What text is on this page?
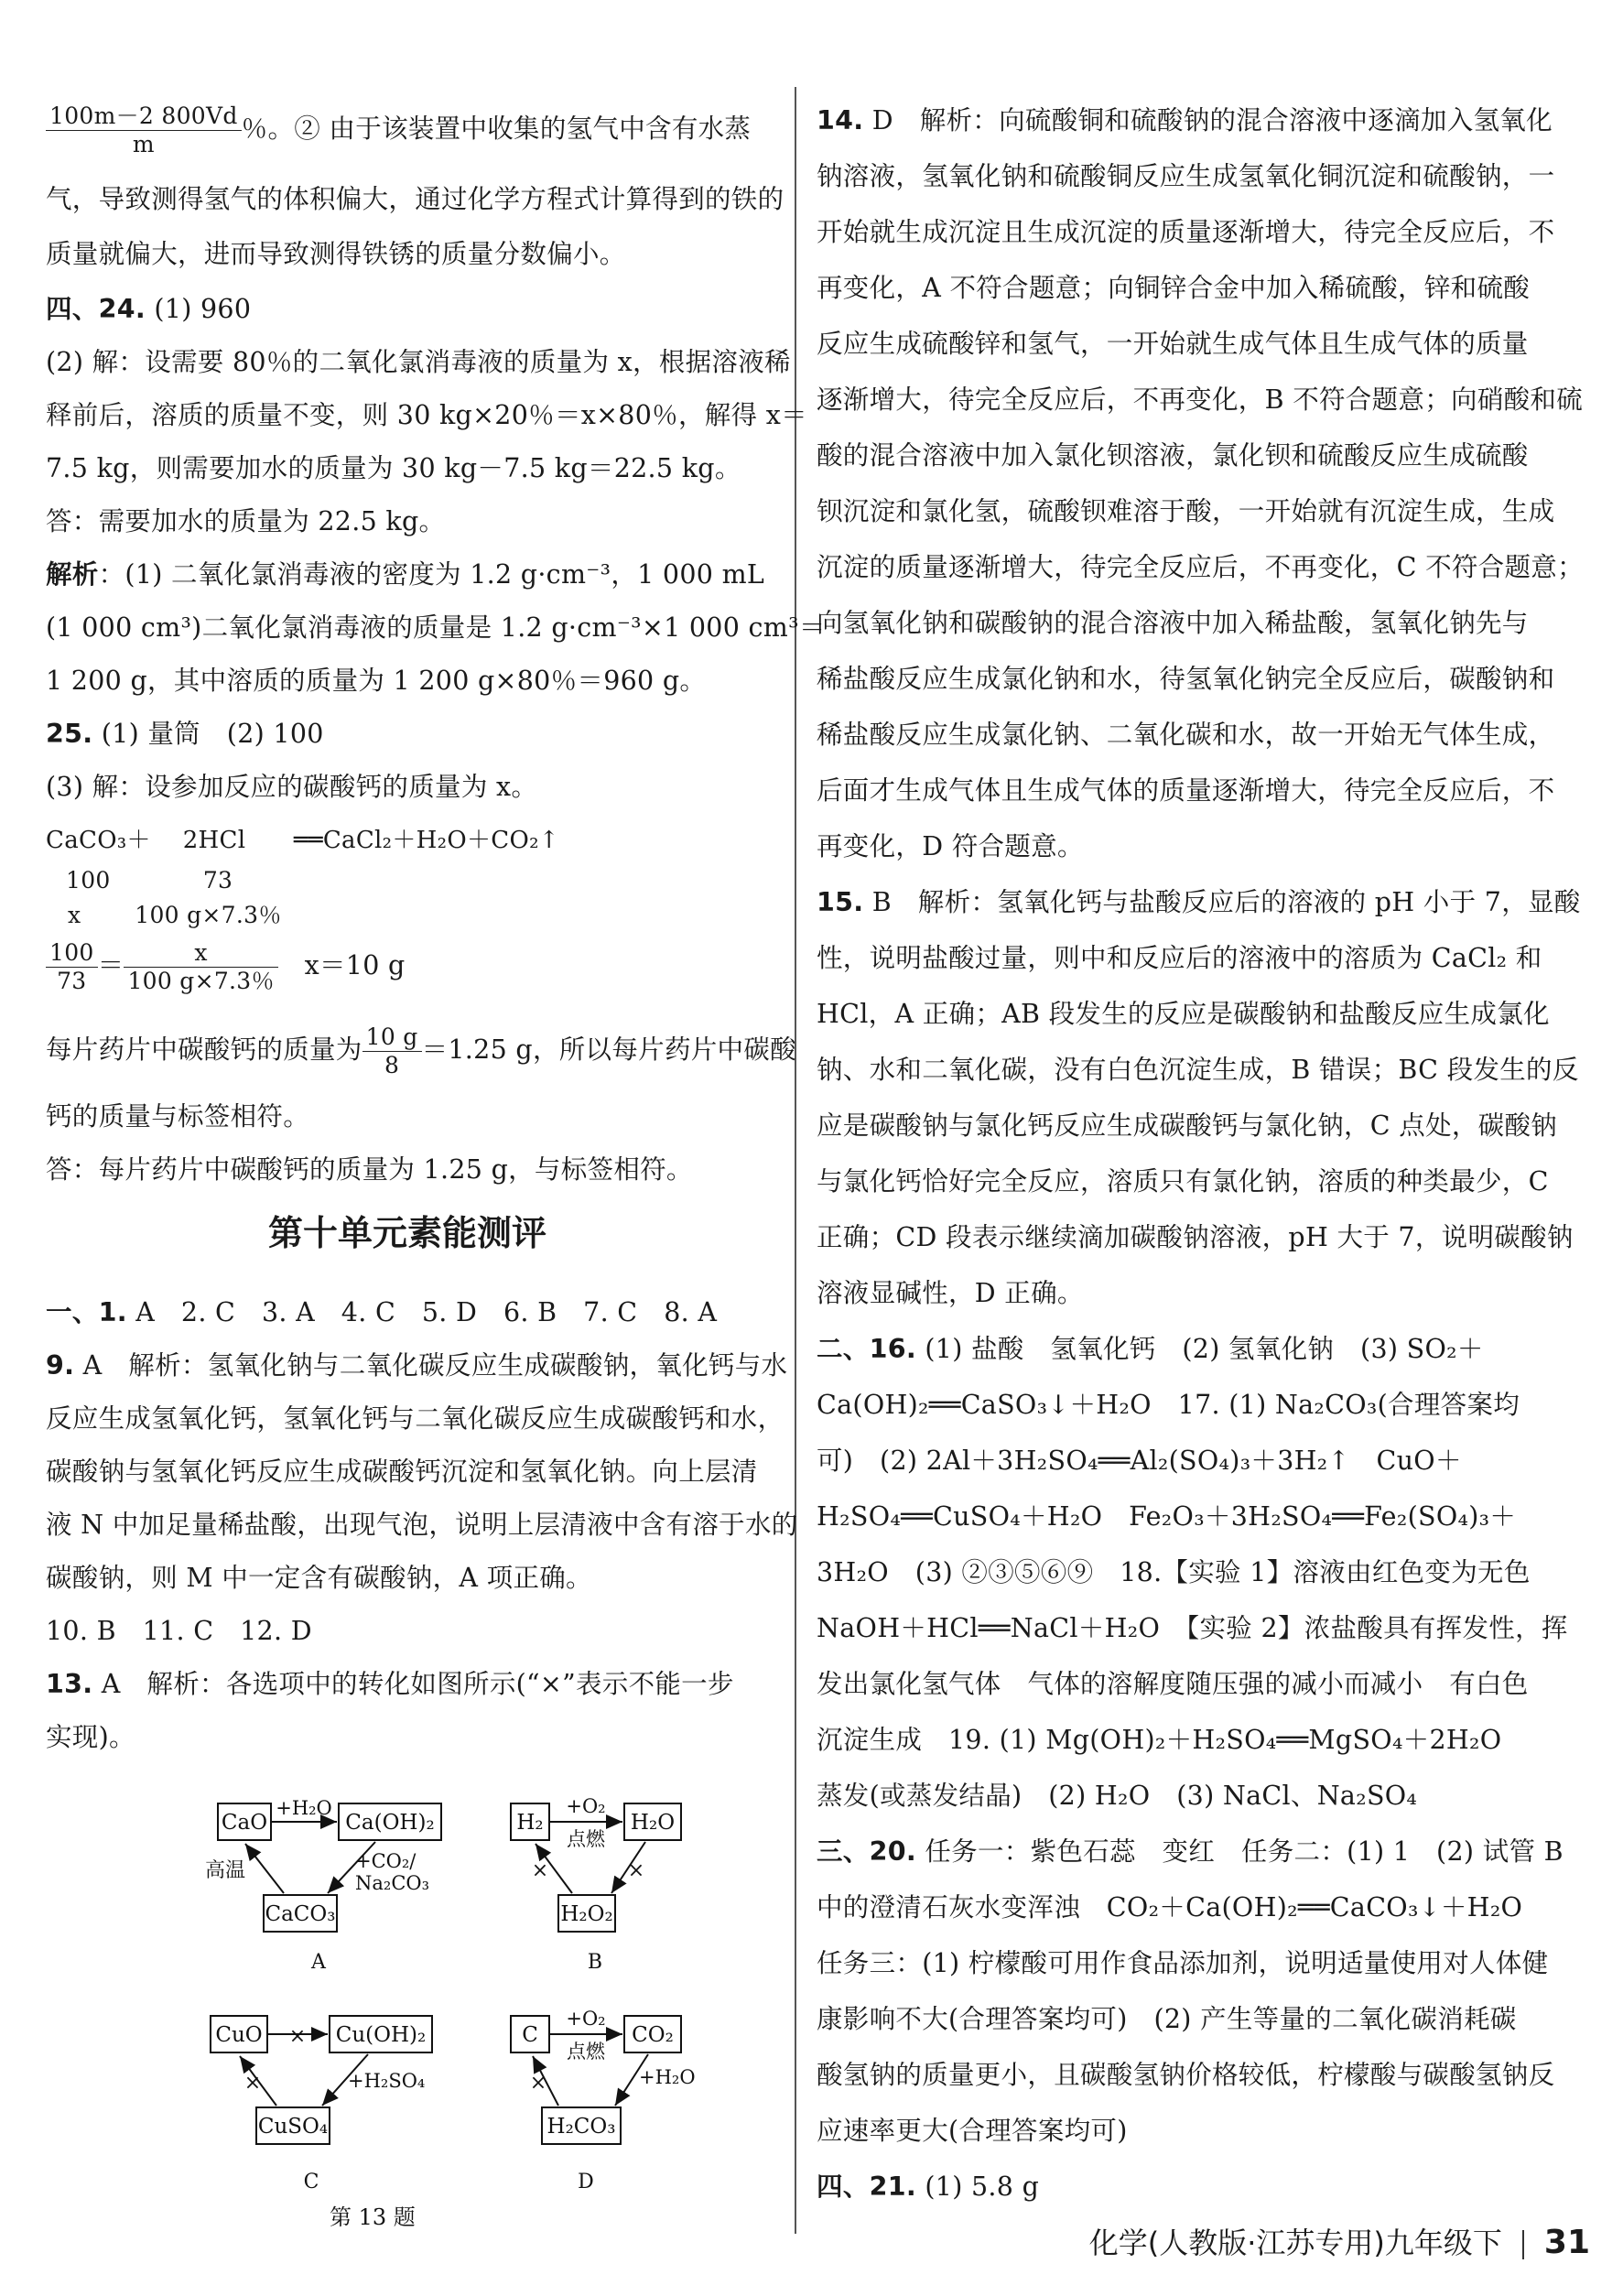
$\frac{100m-2 800Vd}{m}$ ％。② 由于该装置中收集的氢气中含有水蒸
气，导致测得氢气的体积偏大，通过化学方程式计算得到的铁的
质量就偏大，进而导致测得铁锈的质量分数偏小。
四、24. (1) 960
(2) 解：设需要 80％的二氧化氯消毒液的质量为 x，根据溶液稀
释前后，溶质的质量不变，则 30 kg×20％＝x×80％，解得 x＝
7.5 kg，则需要加水的质量为 30 kg－7.5 kg＝22.5 kg。
答：需要加水的质量为 22.5 kg。
解析：(1) 二氧化氯消毒液的密度为 1.2 g·cm⁻³，1 000 mL
(1 000 cm³)二氧化氯消毒液的质量是 1.2 g·cm⁻³×1 000 cm³＝
1 200 g，其中溶质的质量为 1 200 g×80％＝960 g。
25. (1) 量筒　(2) 100
(3) 解：设参加反应的碳酸钙的质量为 x。
CaCO₃＋　 2HCl　　══CaCl₂＋H₂O＋CO₂↑
100　　　　73
x　　 100 g×7.3％
$\frac{100}{73} = \frac{x}{100 g\times 7.3\%}$
　 x＝10 g
每片药片中碳酸钙的质量为 $\frac{10 g}{8} =1.25$ g，所以每片药片中碳酸
钙的质量与标签相符。
答：每片药片中碳酸钙的质量为 1.25 g，与标签相符。
第十单元素能测评
一、1. A　2. C　3. A　4. C　5. D　6. B　7. C　8. A
9. A　解析：氢氧化钠与二氧化碳反应生成碳酸钠，氧化钙与水
反应生成氢氧化钙，氢氧化钙与二氧化碳反应生成碳酸钙和水，
碳酸钠与氢氧化钙反应生成碳酸钙沉淀和氢氧化钠。向上层清
液 N 中加足量稀盐酸，出现气泡，说明上层清液中含有溶于水的
碳酸钠，则 M 中一定含有碳酸钠，A 项正确。
10. B　11. C　12. D
13. A　解析：各选项中的转化如图所示(“×”表示不能一步
实现)。
CaO	Ca(OH)₂
CaCO₃
+H₂O
+CO₂/
Na₂CO₃
高温
A
H₂	H₂O
H₂O₂
+O₂
点燃
×	×
B
CuO	Cu(OH)₂
CuSO₄
×
×	+H₂SO₄
C
C	CO₂
H₂CO₃
+O₂
点燃
×	+H₂O
D
第 13 题
14. D　解析：向硫酸铜和硫酸钠的混合溶液中逐滴加入氢氧化
钠溶液，氢氧化钠和硫酸铜反应生成氢氧化铜沉淀和硫酸钠，一
开始就生成沉淀且生成沉淀的质量逐渐增大，待完全反应后，不
再变化，A 不符合题意；向铜锌合金中加入稀硫酸，锌和硫酸
反应生成硫酸锌和氢气，一开始就生成气体且生成气体的质量
逐渐增大，待完全反应后，不再变化，B 不符合题意；向硝酸和硫
酸的混合溶液中加入氯化钡溶液，氯化钡和硫酸反应生成硫酸
钡沉淀和氯化氢，硫酸钡难溶于酸，一开始就有沉淀生成，生成
沉淀的质量逐渐增大，待完全反应后，不再变化，C 不符合题意；
向氢氧化钠和碳酸钠的混合溶液中加入稀盐酸，氢氧化钠先与
稀盐酸反应生成氯化钠和水，待氢氧化钠完全反应后，碳酸钠和
稀盐酸反应生成氯化钠、二氧化碳和水，故一开始无气体生成，
后面才生成气体且生成气体的质量逐渐增大，待完全反应后，不
再变化，D 符合题意。
15. B　解析：氢氧化钙与盐酸反应后的溶液的 pH 小于 7，显酸
性，说明盐酸过量，则中和反应后的溶液中的溶质为 CaCl₂ 和
HCl，A 正确；AB 段发生的反应是碳酸钠和盐酸反应生成氯化
钠、水和二氧化碳，没有白色沉淀生成，B 错误；BC 段发生的反
应是碳酸钠与氯化钙反应生成碳酸钙与氯化钠，C 点处，碳酸钠
与氯化钙恰好完全反应，溶质只有氯化钠，溶质的种类最少，C
正确；CD 段表示继续滴加碳酸钠溶液，pH 大于 7，说明碳酸钠
溶液显碱性，D 正确。
二、16. (1) 盐酸　氢氧化钙　(2) 氢氧化钠　(3) SO₂＋
Ca(OH)₂══CaSO₃↓＋H₂O　17. (1) Na₂CO₃(合理答案均
可)　(2) 2Al＋3H₂SO₄══Al₂(SO₄)₃＋3H₂↑　CuO＋
H₂SO₄══CuSO₄＋H₂O　Fe₂O₃＋3H₂SO₄══Fe₂(SO₄)₃＋
3H₂O　(3) ②③⑤⑥⑨　18.【实验 1】溶液由红色变为无色
NaOH＋HCl══NaCl＋H₂O　【实验 2】浓盐酸具有挥发性，挥
发出氯化氢气体　气体的溶解度随压强的减小而减小　有白色
沉淀生成　19. (1) Mg(OH)₂＋H₂SO₄══MgSO₄＋2H₂O
蒸发(或蒸发结晶)　(2) H₂O　(3) NaCl、Na₂SO₄
三、20. 任务一：紫色石蕊　变红　任务二：(1) 1　(2) 试管 B
中的澄清石灰水变浑浊　CO₂＋Ca(OH)₂══CaCO₃↓＋H₂O
任务三：(1) 柠檬酸可用作食品添加剂，说明适量使用对人体健
康影响不大(合理答案均可)　(2) 产生等量的二氧化碳消耗碳
酸氢钠的质量更小，且碳酸氢钠价格较低，柠檬酸与碳酸氢钠反
应速率更大(合理答案均可)
四、21. (1) 5.8 g
化学(人教版·江苏专用)九年级下 31
